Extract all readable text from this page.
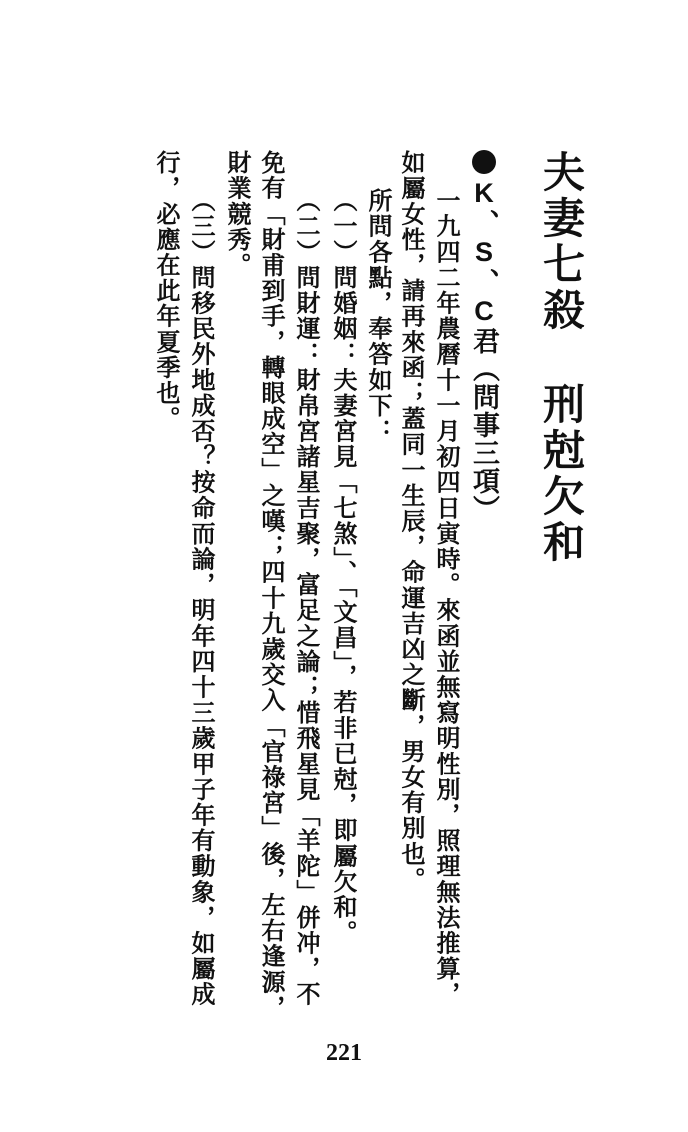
夫妻七殺刑尅欠和
K、S、C君（問事三項）
一九四二年農曆十一月初四日寅時。來函並無寫明性別，照理無法推算，
如屬女性，請再來函；蓋同一生辰，命運吉凶之斷，男女有別也。
所問各點，奉答如下：
（一）問婚姻：夫妻宮見「七煞」、「文昌」，若非已尅，即屬欠和。
（二）問財運：財帛宮諸星吉聚，富足之論；惜飛星見「羊陀」併冲，不
免有「財甫到手，轉眼成空」之嘆；四十九歲交入「官祿宮」後，左右逢源，
財業競秀。
（三）問移民外地成否？按命而論，明年四十三歲甲子年有動象，如屬成
行，必應在此年夏季也。
221
